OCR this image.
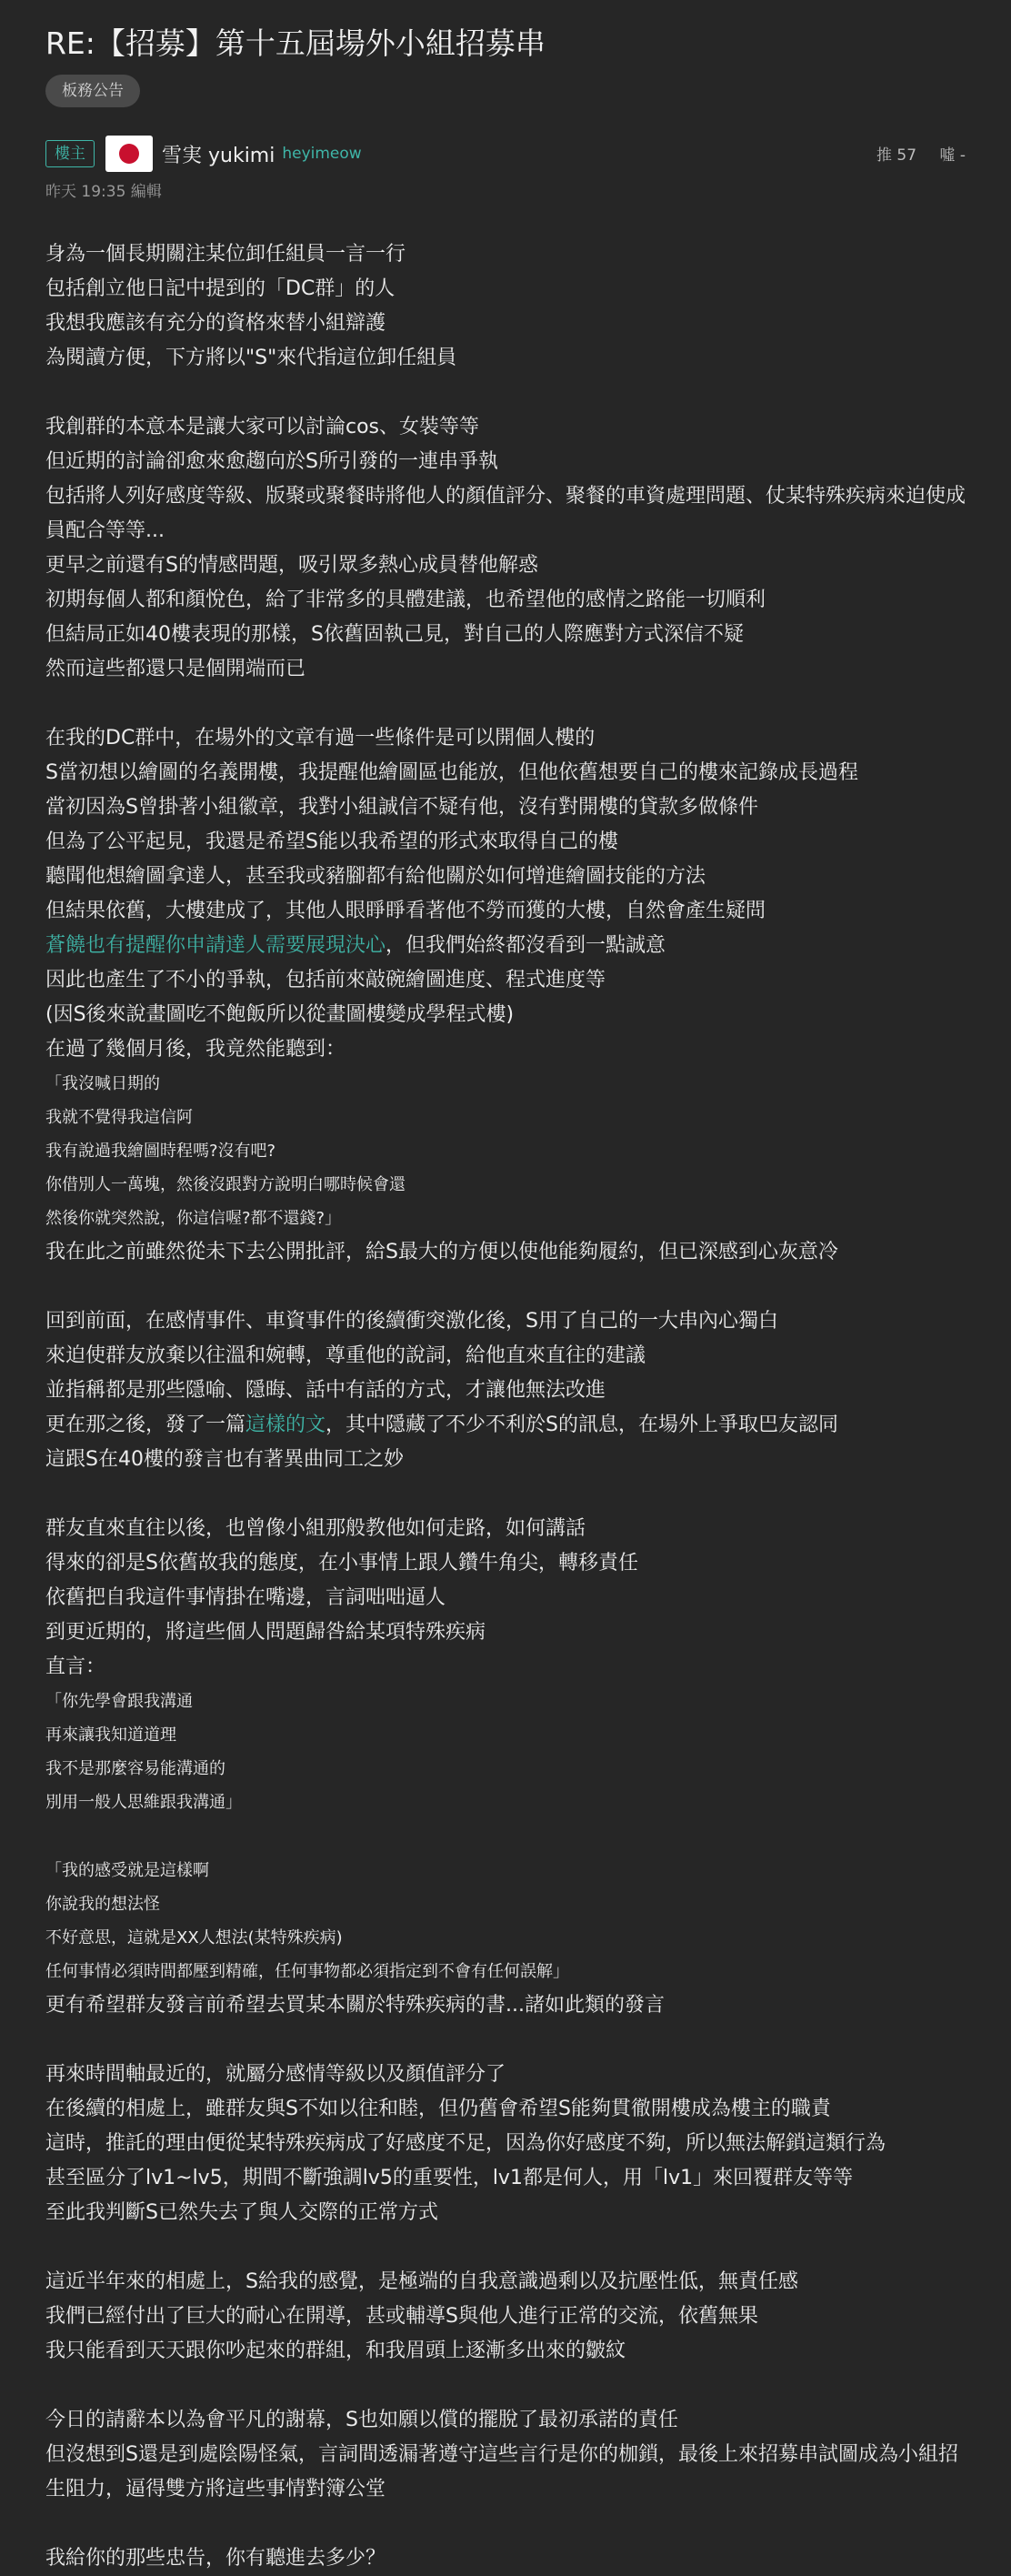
RE:【招募】第十五屆場外小組招募串
板務公告
樓主	雪実 yukimi heyimeow	推 57 噓 -
昨天 19:35 編輯

身為一個長期關注某位卸任組員一言一行

包括創立他日記中提到的「DC群」的人

我想我應該有充分的資格來替小組辯護

為閱讀方便，下方將以"S"來代指這位卸任組員

我創群的本意本是讓大家可以討論cos、女裝等等

但近期的討論卻愈來愈趨向於S所引發的一連串爭執

包括將人列好感度等級、版聚或聚餐時將他人的顏值評分、聚餐的車資處理問題、仗某特殊疾病來迫使成員配合等等...

更早之前還有S的情感問題，吸引眾多熱心成員替他解惑

初期每個人都和顏悅色，給了非常多的具體建議，也希望他的感情之路能一切順利

但結局正如40樓表現的那樣，S依舊固執己見，對自己的人際應對方式深信不疑

然而這些都還只是個開端而已

在我的DC群中，在場外的文章有過一些條件是可以開個人樓的

S當初想以繪圖的名義開樓，我提醒他繪圖區也能放，但他依舊想要自己的樓來記錄成長過程

當初因為S曾掛著小組徽章，我對小組誠信不疑有他，沒有對開樓的貸款多做條件

但為了公平起見，我還是希望S能以我希望的形式來取得自己的樓

聽聞他想繪圖拿達人，甚至我或豬腳都有給他關於如何增進繪圖技能的方法

但結果依舊，大樓建成了，其他人眼睜睜看著他不勞而獲的大樓，自然會產生疑問

蒼饒也有提醒你申請達人需要展現決心，但我們始終都沒看到一點誠意

因此也產生了不小的爭執，包括前來敲碗繪圖進度、程式進度等

(因S後來說畫圖吃不飽飯所以從畫圖樓變成學程式樓)

在過了幾個月後，我竟然能聽到：

「我沒喊日期的

我就不覺得我這信阿

我有說過我繪圖時程嗎?沒有吧?

你借別人一萬塊，然後沒跟對方說明白哪時候會還

然後你就突然說，你這信喔?都不還錢?」

我在此之前雖然從未下去公開批評，給S最大的方便以使他能夠履約，但已深感到心灰意冷

回到前面，在感情事件、車資事件的後續衝突激化後，S用了自己的一大串內心獨白

來迫使群友放棄以往溫和婉轉，尊重他的說詞，給他直來直往的建議

並指稱都是那些隱喻、隱晦、話中有話的方式，才讓他無法改進

更在那之後，發了一篇這樣的文，其中隱藏了不少不利於S的訊息，在場外上爭取巴友認同

這跟S在40樓的發言也有著異曲同工之妙

群友直來直往以後，也曾像小組那般教他如何走路，如何講話

得來的卻是S依舊故我的態度，在小事情上跟人鑽牛角尖，轉移責任

依舊把自我這件事情掛在嘴邊，言詞咄咄逼人

到更近期的，將這些個人問題歸咎給某項特殊疾病

直言：

「你先學會跟我溝通

再來讓我知道道理

我不是那麼容易能溝通的

別用一般人思維跟我溝通」

「我的感受就是這樣啊

你說我的想法怪

不好意思，這就是XX人想法(某特殊疾病)

任何事情必須時間都壓到精確，任何事物都必須指定到不會有任何誤解」

更有希望群友發言前希望去買某本關於特殊疾病的書...諸如此類的發言

再來時間軸最近的，就屬分感情等級以及顏值評分了

在後續的相處上，雖群友與S不如以往和睦，但仍舊會希望S能夠貫徹開樓成為樓主的職責

這時，推託的理由便從某特殊疾病成了好感度不足，因為你好感度不夠，所以無法解鎖這類行為

甚至區分了lv1~lv5，期間不斷強調lv5的重要性，lv1都是何人，用「lv1」來回覆群友等等

至此我判斷S已然失去了與人交際的正常方式

這近半年來的相處上，S給我的感覺，是極端的自我意識過剩以及抗壓性低，無責任感

我們已經付出了巨大的耐心在開導，甚或輔導S與他人進行正常的交流，依舊無果

我只能看到天天跟你吵起來的群組，和我眉頭上逐漸多出來的皺紋

今日的請辭本以為會平凡的謝幕，S也如願以償的擺脫了最初承諾的責任

但沒想到S還是到處陰陽怪氣，言詞間透漏著遵守這些言行是你的枷鎖，最後上來招募串試圖成為小組招生阻力，逼得雙方將這些事情對簿公堂

我給你的那些忠告，你有聽進去多少？
